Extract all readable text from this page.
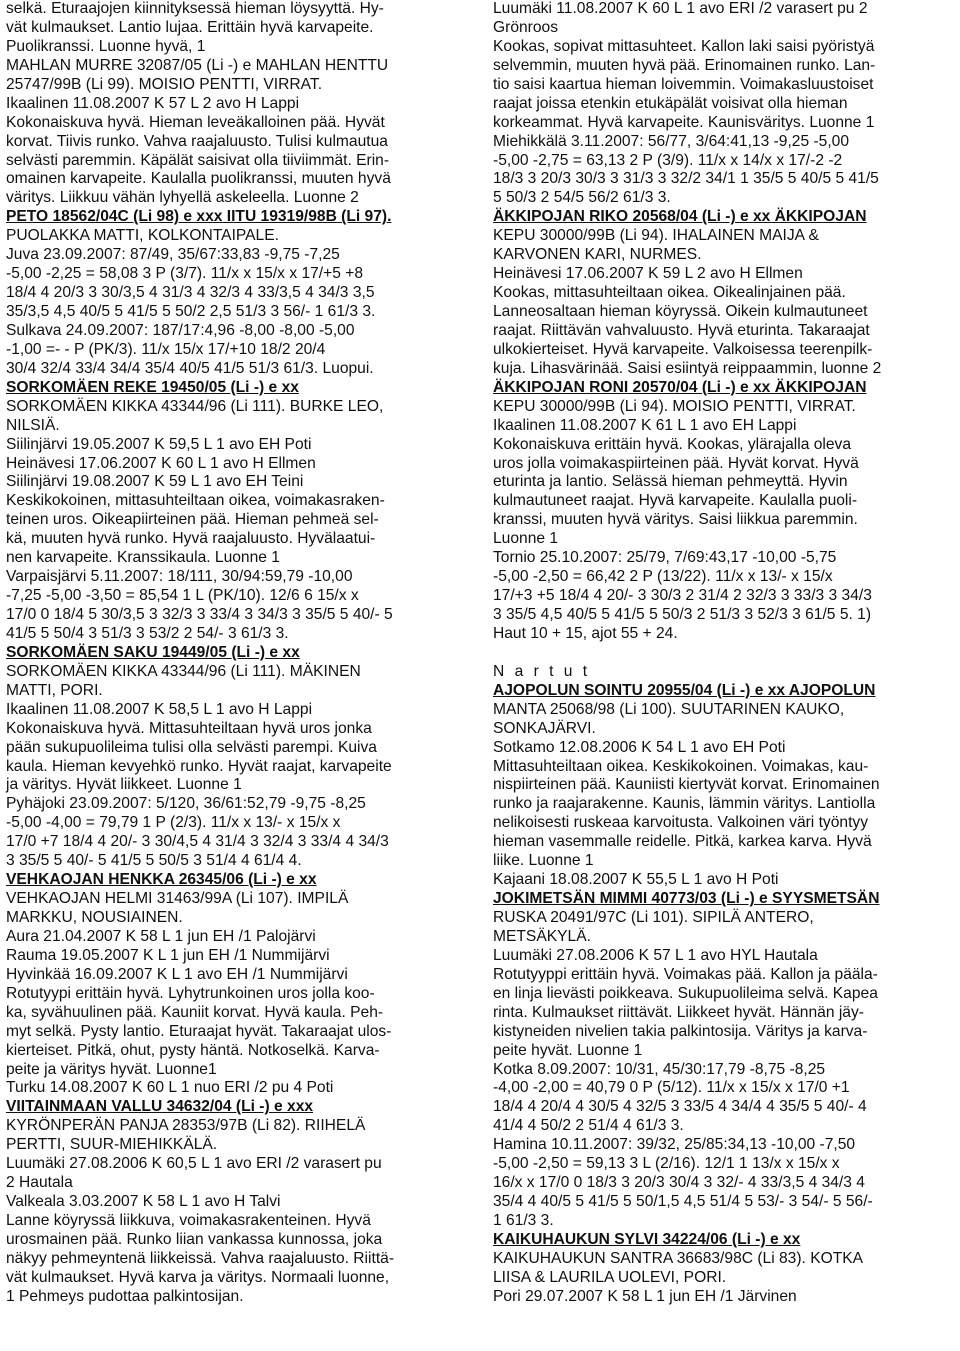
selkä. Eturaajojen kiinnityksessä hieman löysyyttä. Hy-
vät kulmaukset. Lantio lujaa. Erittäin hyvä karvapeite.
Puolikranssi. Luonne hyvä, 1
MAHLAN MURRE 32087/05 (Li -) e MAHLAN HENTTU
25747/99B (Li 99). MOISIO PENTTI, VIRRAT.
Ikaalinen 11.08.2007 K 57 L 2 avo H Lappi
Kokonaiskuva hyvä. Hieman leveäkalloinen pää. Hyvät
korvat. Tiivis runko. Vahva raajaluusto. Tulisi kulmautua
selvästi paremmin. Käpälät saisivat olla tiiviimmät. Erin-
omainen karvapeite. Kaulalla puolikranssi, muuten hyvä
väritys. Liikkuu vähän lyhyellä askeleella. Luonne 2
PETO 18562/04C (Li 98) e xxx IITU 19319/98B (Li 97).
PUOLAKKA MATTI, KOLKONTAIPALE.
Juva 23.09.2007: 87/49, 35/67:33,83 -9,75 -7,25
-5,00 -2,25 = 58,08 3 P (3/7). 11/x x 15/x x 17/+5 +8
18/4 4 20/3 3 30/3,5 4 31/3 4 32/3 4 33/3,5 4 34/3 3,5
35/3,5 4,5 40/5 5 41/5 5 50/2 2,5 51/3 3 56/- 1 61/3 3.
Sulkava 24.09.2007: 187/17:4,96 -8,00 -8,00 -5,00
-1,00 =- - P (PK/3). 11/x 15/x 17/+10 18/2 20/4
30/4 32/4 33/4 34/4 35/4 40/5 41/5 51/3 61/3. Luopui.
SORKOMÄEN REKE 19450/05 (Li -) e xx
SORKOMÄEN KIKKA 43344/96 (Li 111). BURKE LEO,
NILSIÄ.
Siilinjärvi 19.05.2007 K 59,5 L 1 avo EH Poti
Heinävesi 17.06.2007 K 60 L 1 avo H Ellmen
Siilinjärvi 19.08.2007 K 59 L 1 avo EH Teini
Keskikokoinen, mittasuhteiltaan oikea, voimakasraken-
teinen uros. Oikeapiirteinen pää. Hieman pehmeä sel-
kä, muuten hyvä runko. Hyvä raajaluusto. Hyvälaatui-
nen karvapeite. Kranssikaula. Luonne 1
Varpaisjärvi 5.11.2007: 18/111, 30/94:59,79 -10,00
-7,25 -5,00 -3,50 = 85,54 1 L (PK/10). 12/6 6 15/x x
17/0 0 18/4 5 30/3,5 3 32/3 3 33/4 3 34/3 3 35/5 5 40/- 5
41/5 5 50/4 3 51/3 3 53/2 2 54/- 3 61/3 3.
SORKOMÄEN SAKU 19449/05 (Li -) e xx
SORKOMÄEN KIKKA 43344/96 (Li 111). MÄKINEN
MATTI, PORI.
Ikaalinen 11.08.2007 K 58,5 L 1 avo H Lappi
Kokonaiskuva hyvä. Mittasuhteiltaan hyvä uros jonka
pään sukupuolileima tulisi olla selvästi parempi. Kuiva
kaula. Hieman kevyehkö runko. Hyvät raajat, karvapeite
ja väritys. Hyvät liikkeet. Luonne 1
Pyhäjoki 23.09.2007: 5/120, 36/61:52,79 -9,75 -8,25
-5,00 -4,00 = 79,79 1 P (2/3). 11/x x 13/- x 15/x x
17/0 +7 18/4 4 20/- 3 30/4,5 4 31/4 3 32/4 3 33/4 4 34/3
3 35/5 5 40/- 5 41/5 5 50/5 3 51/4 4 61/4 4.
VEHKAOJAN HENKKA 26345/06 (Li -) e xx
VEHKAOJAN HELMI 31463/99A (Li 107). IMPILÄ
MARKKU, NOUSIAINEN.
Aura 21.04.2007 K 58 L 1 jun EH /1 Palojärvi
Rauma 19.05.2007 K L 1 jun EH /1 Nummijärvi
Hyvinkää 16.09.2007 K L 1 avo EH /1 Nummijärvi
Rotutyypi erittäin hyvä. Lyhytrunkoinen uros jolla koo-
ka, syvähuulinen pää. Kauniit korvat. Hyvä kaula. Peh-
myt selkä. Pysty lantio. Eturaajat hyvät. Takaraajat ulos-
kierteiset. Pitkä, ohut, pysty häntä. Notkoselkä. Karva-
peite ja väritys hyvät. Luonne1
Turku 14.08.2007 K 60 L 1 nuo ERI /2 pu 4 Poti
VIITAINMAAN VALLU 34632/04 (Li -) e xxx
KYRÖNPERÄN PANJA 28353/97B (Li 82). RIIHELÄ
PERTTI, SUUR-MIEHIKKÄLÄ.
Luumäki 27.08.2006 K 60,5 L 1 avo ERI /2 varasert pu
2 Hautala
Valkeala 3.03.2007 K 58 L 1 avo H Talvi
Lanne köyryssä liikkuva, voimakasrakenteinen. Hyvä
urosmainen pää. Runko liian vankassa kunnossa, joka
näkyy pehmeyntenä liikkeissä. Vahva raajaluusto. Riittä-
vät kulmaukset. Hyvä karva ja väritys. Normaali luonne,
1 Pehmeys pudottaa palkintosijan.
Luumäki 11.08.2007 K 60 L 1 avo ERI /2 varasert pu 2
Grönroos
Kookas, sopivat mittasuhteet. Kallon laki saisi pyöristyä
selvemmin, muuten hyvä pää. Erinomainen runko. Lan-
tio saisi kaartua hieman loivemmin. Voimakasluustoiset
raajat joissa etenkin etukäpälät voisivat olla hieman
korkeammat. Hyvä karvapeite. Kaunisväritys. Luonne 1
Miehikkälä 3.11.2007: 56/77, 3/64:41,13 -9,25 -5,00
-5,00 -2,75 = 63,13 2 P (3/9). 11/x x 14/x x 17/-2 -2
18/3 3 20/3 30/3 3 31/3 3 32/2 34/1 1 35/5 5 40/5 5 41/5
5 50/3 2 54/5 56/2 61/3 3.
ÄKKIPOJAN RIKO 20568/04 (Li -) e xx ÄKKIPOJAN
KEPU 30000/99B (Li 94). IHALAINEN MAIJA &
KARVONEN KARI, NURMES.
Heinävesi 17.06.2007 K 59 L 2 avo H Ellmen
Kookas, mittasuhteiltaan oikea. Oikealinjainen pää.
Lanneosaltaan hieman köyryssä. Oikein kulmautuneet
raajat. Riittävän vahvaluusto. Hyvä eturinta. Takaraajat
ulkokierteiset. Hyvä karvapeite. Valkoisessa teerenpilk-
kuja. Lihasvärinää. Saisi esiintyä reippaammin, luonne 2
ÄKKIPOJAN RONI 20570/04 (Li -) e xx ÄKKIPOJAN
KEPU 30000/99B (Li 94). MOISIO PENTTI, VIRRAT.
Ikaalinen 11.08.2007 K 61 L 1 avo EH Lappi
Kokonaiskuva erittäin hyvä. Kookas, ylärajalla oleva
uros jolla voimakaspiirteinen pää. Hyvät korvat. Hyvä
eturinta ja lantio. Selässä hieman pehmeyttä. Hyvin
kulmautuneet raajat. Hyvä karvapeite. Kaulalla puoli-
kranssi, muuten hyvä väritys. Saisi liikkua paremmin.
Luonne 1
Tornio 25.10.2007: 25/79, 7/69:43,17 -10,00 -5,75
-5,00 -2,50 = 66,42 2 P (13/22). 11/x x 13/- x 15/x
17/+3 +5 18/4 4 20/- 3 30/3 2 31/4 2 32/3 3 33/3 3 34/3
3 35/5 4,5 40/5 5 41/5 5 50/3 2 51/3 3 52/3 3 61/5 5. 1)
Haut 10 + 15, ajot 55 + 24.
N a r t u t
AJOPOLUN SOINTU 20955/04 (Li -) e xx AJOPOLUN
MANTA 25068/98 (Li 100). SUUTARINEN KAUKO,
SONKAJÄRVI.
Sotkamo 12.08.2006 K 54 L 1 avo EH Poti
Mittasuhteiltaan oikea. Keskikokoinen. Voimakas, kau-
nispiirteinen pää. Kauniisti kiertyvät korvat. Erinomainen
runko ja raajarakenne. Kaunis, lämmin väritys. Lantiolla
nelikoisesti ruskeaa karvoitusta. Valkoinen väri työntyy
hieman vasemmalle reidelle. Pitkä, karkea karva. Hyvä
liike. Luonne 1
Kajaani 18.08.2007 K 55,5 L 1 avo H Poti
JOKIMETSÄN MIMMI 40773/03 (Li -) e SYYSMETSÄN
RUSKA 20491/97C (Li 101). SIPILÄ ANTERO,
METSÄKYLÄ.
Luumäki 27.08.2006 K 57 L 1 avo HYL Hautala
Rotutyyppi erittäin hyvä. Voimakas pää. Kallon ja pääla-
en linja lievästi poikkeava. Sukupuolileima selvä. Kapea
rinta. Kulmaukset riittävät. Liikkeet hyvät. Hännän jäy-
kistyneiden nivelien takia palkintosija. Väritys ja karva-
peite hyvät. Luonne 1
Kotka 8.09.2007: 10/31, 45/30:17,79 -8,75 -8,25
-4,00 -2,00 = 40,79 0 P (5/12). 11/x x 15/x x 17/0 +1
18/4 4 20/4 4 30/5 4 32/5 3 33/5 4 34/4 4 35/5 5 40/- 4
41/4 4 50/2 2 51/4 4 61/3 3.
Hamina 10.11.2007: 39/32, 25/85:34,13 -10,00 -7,50
-5,00 -2,50 = 59,13 3 L (2/16). 12/1 1 13/x x 15/x x
16/x x 17/0 0 18/3 3 20/3 30/4 3 32/- 4 33/3,5 4 34/3 4
35/4 4 40/5 5 41/5 5 50/1,5 4,5 51/4 5 53/- 3 54/- 5 56/-
1 61/3 3.
KAIKUHAUKUN SYLVI 34224/06 (Li -) e xx
KAIKUHAUKUN SANTRA 36683/98C (Li 83). KOTKA
LIISA & LAURILA UOLEVI, PORI.
Pori 29.07.2007 K 58 L 1 jun EH /1 Järvinen
